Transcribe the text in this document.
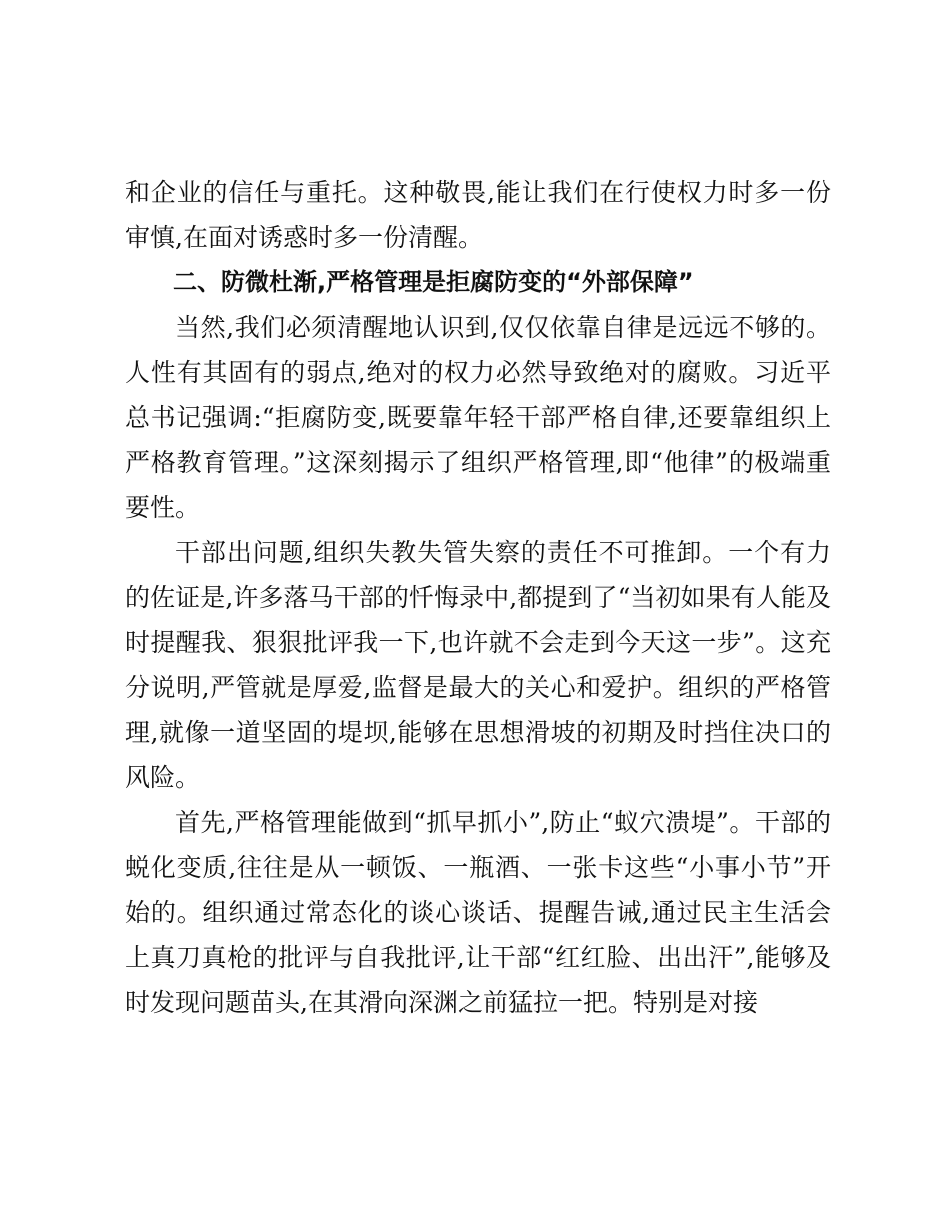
和企业的信任与重托。这种敬畏,能让我们在行使权力时多一份审慎,在面对诱惑时多一份清醒。

二、防微杜渐,严格管理是拒腐防变的“外部保障”

当然,我们必须清醒地认识到,仅仅依靠自律是远远不够的。人性有其固有的弱点,绝对的权力必然导致绝对的腐败。习近平总书记强调:“拒腐防变,既要靠年轻干部严格自律,还要靠组织上严格教育管理。”这深刻揭示了组织严格管理,即“他律”的极端重要性。

干部出问题,组织失教失管失察的责任不可推卸。一个有力的佐证是,许多落马干部的忏悔录中,都提到了“当初如果有人能及时提醒我、狠狠批评我一下,也许就不会走到今天这一步”。这充分说明,严管就是厚爱,监督是最大的关心和爱护。组织的严格管理,就像一道坚固的堤坝,能够在思想滑坡的初期及时挡住决口的风险。

首先,严格管理能做到“抓早抓小”,防止“蚁穴溃堤”。干部的蜕化变质,往往是从一顿饭、一瓶酒、一张卡这些“小事小节”开始的。组织通过常态化的谈心谈话、提醒告诫,通过民主生活会上真刀真枪的批评与自我批评,让干部“红红脸、出出汗”,能够及时发现问题苗头,在其滑向深渊之前猛拉一把。特别是对接
